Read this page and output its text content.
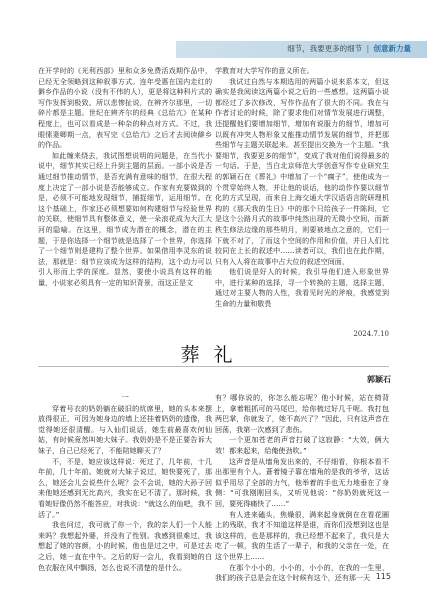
细节，我要更多的细节 | 创意新力量

在开学时的《光利西部》里和众多免费活戏期作品中，已经无全领略到这种叙事方式。连年受惠在国内走红的僻乡作品的小说（没有不伟的人），更是将这种科片式的写作发挥到极致。所以悲惨扯说，在辨齐尔那里，一切碎片都是主题。世纪在辨齐尔的经典《总给亢》在某种程度上，也可以看成是一种杂的种点对方式。不过，我眼愫妻卿期一点，表写完《总给亢》之后才去阅读僻乡的作品。

如此缠来绕去，我试图想说明的问题是，在当代小说中，细节其实已经上升到主题的层面。一部小说是否通过细节推动情节，是否充满有意味的细节，在很大程度上决定了一部小说是否能够成立。作家有充要做到的是，必须不可能地发现细节，捕捉细节，运用细节。在这个基础上，作家还必须想要如何构建细节与经验世界的关联，使细节具有整体意义，使一朵浪花成为大江大河的隐喻。在这里，细节成为潜在的概念，潜在的主题，于是你选择一个细节就是选择了一个世界，你选择了一个细节则是建构了整个世界。如果借用李灵东的说法，那就是：细节应该成为这样的结构，这个动力可以引人形而上学的深度。显然，要使小说具有这样的能量，小说家必须具有一定的知识背景，而这正是文

学教育对大学写作的意义所在。

我试过自然与本期选用的两篇小说来系本文，但这确实是我阅读这两篇小说之后的一些感想。这两篇小说都经过了多次修改，写作作品有了很大的不同。我在与作者讨论的时候，除了要求他们对情节发展进行调整，还提醒他们要增加细节，增加有说服力的细节，增加可以既有冲突人物形象又能推动情节发展的细节，并把那些细节与主题关联起来。甚至提出交换为一个主题。“我要细节，我要更多的细节”，变成了我对他们说得最多的一句话。于是，当白北京师范大学创意写作专业研究生的郭颖石在《葬礼》中增加了一个“瘸子”，使他成为一个贯穿始终人物，并让他的说话，他的动作作要以细节化的方式呈现，而来自上海交通大学汉语语言院研理机构的《那天我的生日》中的那个只给孩子一件陈间，它是这个公路月式的故事中纯然出现的无微小空间，而新秩生修法边缘的那些明月，则要被地点之意的，它们一下就不对了，了而这个空间的作用和价值，并日人们比较同在上长的叙述中……读者可以，我们也在此作期，只有入人将在故事中占大位的叙述空间面，

他们说是好人的时候，我引导他们进入形象世界中，进行某种的选择，寻一个转换的主题，选择主题，通过对主要人物的人性，我看见时光的斧痕，我感觉到生命的力量和敬畏

2024.7.10
葬礼
郭颖石

一

穿着号衣的奶奶躺在破旧的炕席里，她的头本来摆放得很正，可因为她身边的墙上还挂着奶奶的遗像，我觉得她还很清醒。与入仙们说话，她生前最喜欢何仙姑，有时候竟然叫她大妹子。我奶奶是不是正要告诉大妹子，自己已经死了，不能陪她聊天了？

不，不是，她应该这样说：死过了，几年前，十几年前，几十年前。她就对大妹子说过，她快要死了，那么，她还会儿会说些什么呢？会不会说，她的大孙子回来他她还感到无比高兴，我实在记不清了。那时候，我看她好像仍然不能答应，对我说：“就这么的仙吧，我不活了。”

我也问过，我可就了你一个，我的亲人们一个人能来吗？我想起外婆，并没有了性别。我感到很难过，我想起了她的容颜，小的时候，他也是过之中，可是过去之后，她一直在中午。之后的好一会儿，我看到她的白色衣服在风中飘扬，怎么也说不清楚的是什么。

有？哪你说的，你怎么能忘呢？他小时候，站在椅背上，拿着粗抓可的马尾巴，给你梳过好几千呢。我打包两巴掌，你就发了，她不高兴了？”因此，只有这声音在回荡，我第一次感到了悲伤。

一个更加苍老的声音打破了这寂静：“大效，俩大效！都来起来，给俺使劲吹。”

这声音是从墙角发出来的，不仔细看，你根本看不出那里有个人。蒼着镜子靠在墙角的是我的爷爷，这话似乎用尽了全部的力气，他举着的手也无力地垂在了身侧：“可我刚刚回头，又听见他说：“你奶奶就死这一回，要死得痛快了……”

有人进来磕头，焦燥很，满来起身就倒在在看花圈上的残联，我才不知道这样是谁，而你们没想到这也是该这样的，也是那样的，我已经想不起来了，我只是大吃了一顿，我的生活了一辈子，和我的父亲在一处，在这个世界上……

在那个小小的，小小的，小小的，在我的一生里，我们的孩子总是会在这个时候有这个，还有那一天 115
